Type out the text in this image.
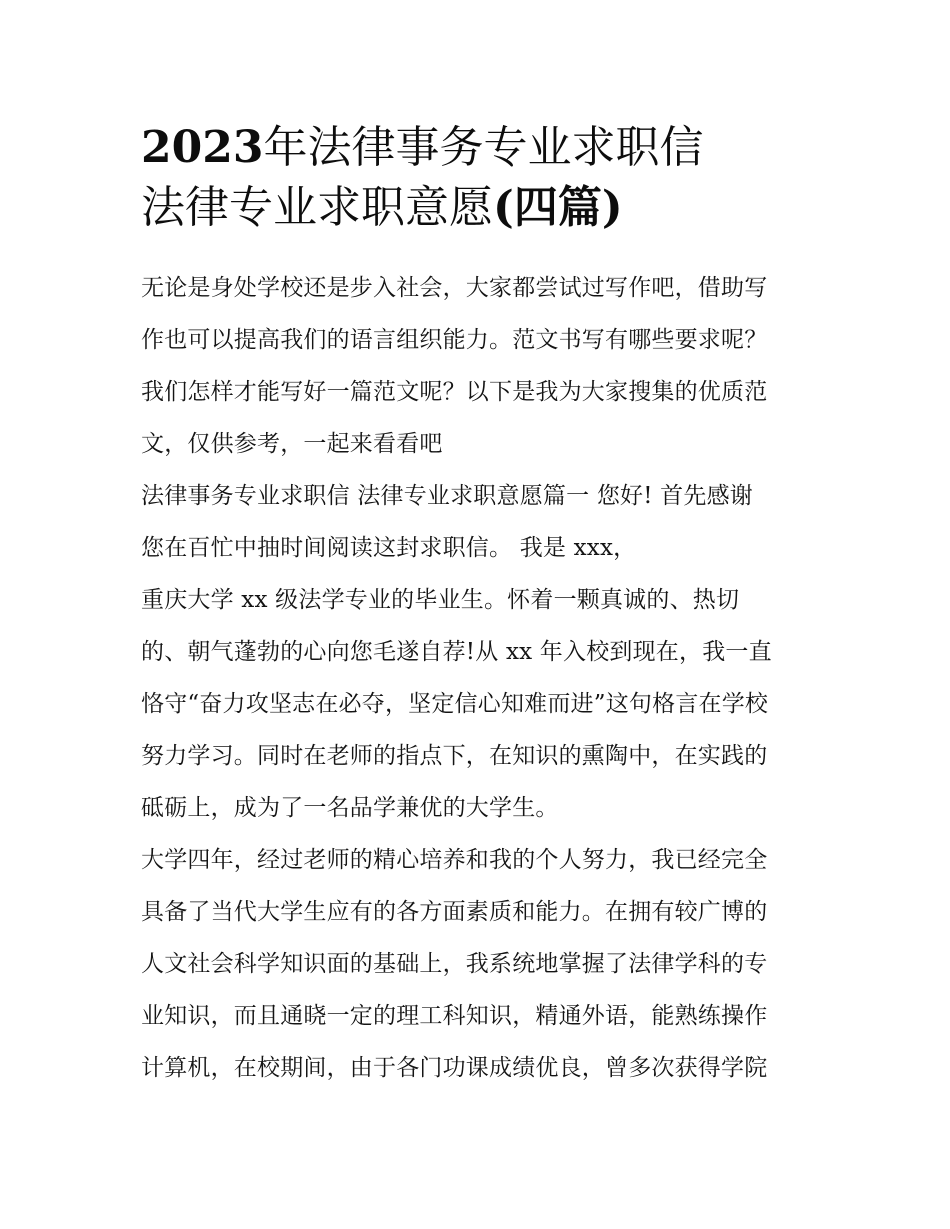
2023年法律事务专业求职信
法律专业求职意愿(四篇)
无论是身处学校还是步入社会，大家都尝试过写作吧，借助写
作也可以提高我们的语言组织能力。范文书写有哪些要求呢？
我们怎样才能写好一篇范文呢？以下是我为大家搜集的优质范
文，仅供参考，一起来看看吧
法律事务专业求职信 法律专业求职意愿篇一 您好! 首先感谢
您在百忙中抽时间阅读这封求职信。 我是 xxx，
重庆大学 xx 级法学专业的毕业生。怀着一颗真诚的、热切
的、朝气蓬勃的心向您毛遂自荐!从 xx 年入校到现在，我一直
恪守“奋力攻坚志在必夺，坚定信心知难而进”这句格言在学校
努力学习。同时在老师的指点下，在知识的熏陶中，在实践的
砥砺上，成为了一名品学兼优的大学生。
大学四年，经过老师的精心培养和我的个人努力，我已经完全
具备了当代大学生应有的各方面素质和能力。在拥有较广博的
人文社会科学知识面的基础上，我系统地掌握了法律学科的专
业知识，而且通晓一定的理工科知识，精通外语，能熟练操作
计算机，在校期间，由于各门功课成绩优良，曾多次获得学院
